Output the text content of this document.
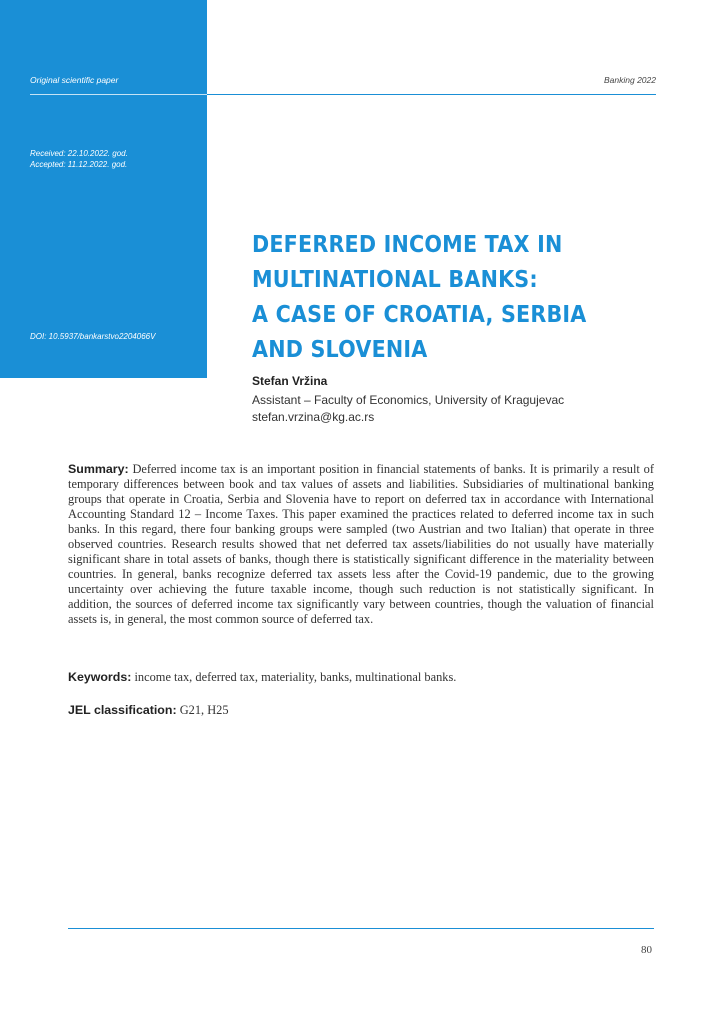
Original scientific paper	Banking 2022
Received: 22.10.2022. god.
Accepted: 11.12.2022. god.
DOI: 10.5937/bankarstvo2204066V
DEFERRED INCOME TAX IN
MULTINATIONAL BANKS:
A CASE OF CROATIA, SERBIA
AND SLOVENIA
Stefan Vržina
Assistant – Faculty of Economics, University of Kragujevac
stefan.vrzina@kg.ac.rs

Summary: Deferred income tax is an important position in financial statements of banks. It is primarily a result of temporary differences between book and tax values of assets and liabilities. Subsidiaries of multinational banking groups that operate in Croatia, Serbia and Slovenia have to report on deferred tax in accordance with International Accounting Standard 12 – Income Taxes. This paper examined the practices related to deferred income tax in such banks. In this regard, there four banking groups were sampled (two Austrian and two Italian) that operate in three observed countries. Research results showed that net deferred tax assets/liabilities do not usually have materially significant share in total assets of banks, though there is statistically significant difference in the materiality between countries. In general, banks recognize deferred tax assets less after the Covid-19 pandemic, due to the growing uncertainty over achieving the future taxable income, though such reduction is not statistically significant. In addition, the sources of deferred income tax significantly vary between countries, though the valuation of financial assets is, in general, the most common source of deferred tax.

Keywords: income tax, deferred tax, materiality, banks, multinational banks.

JEL classification: G21, H25

80
